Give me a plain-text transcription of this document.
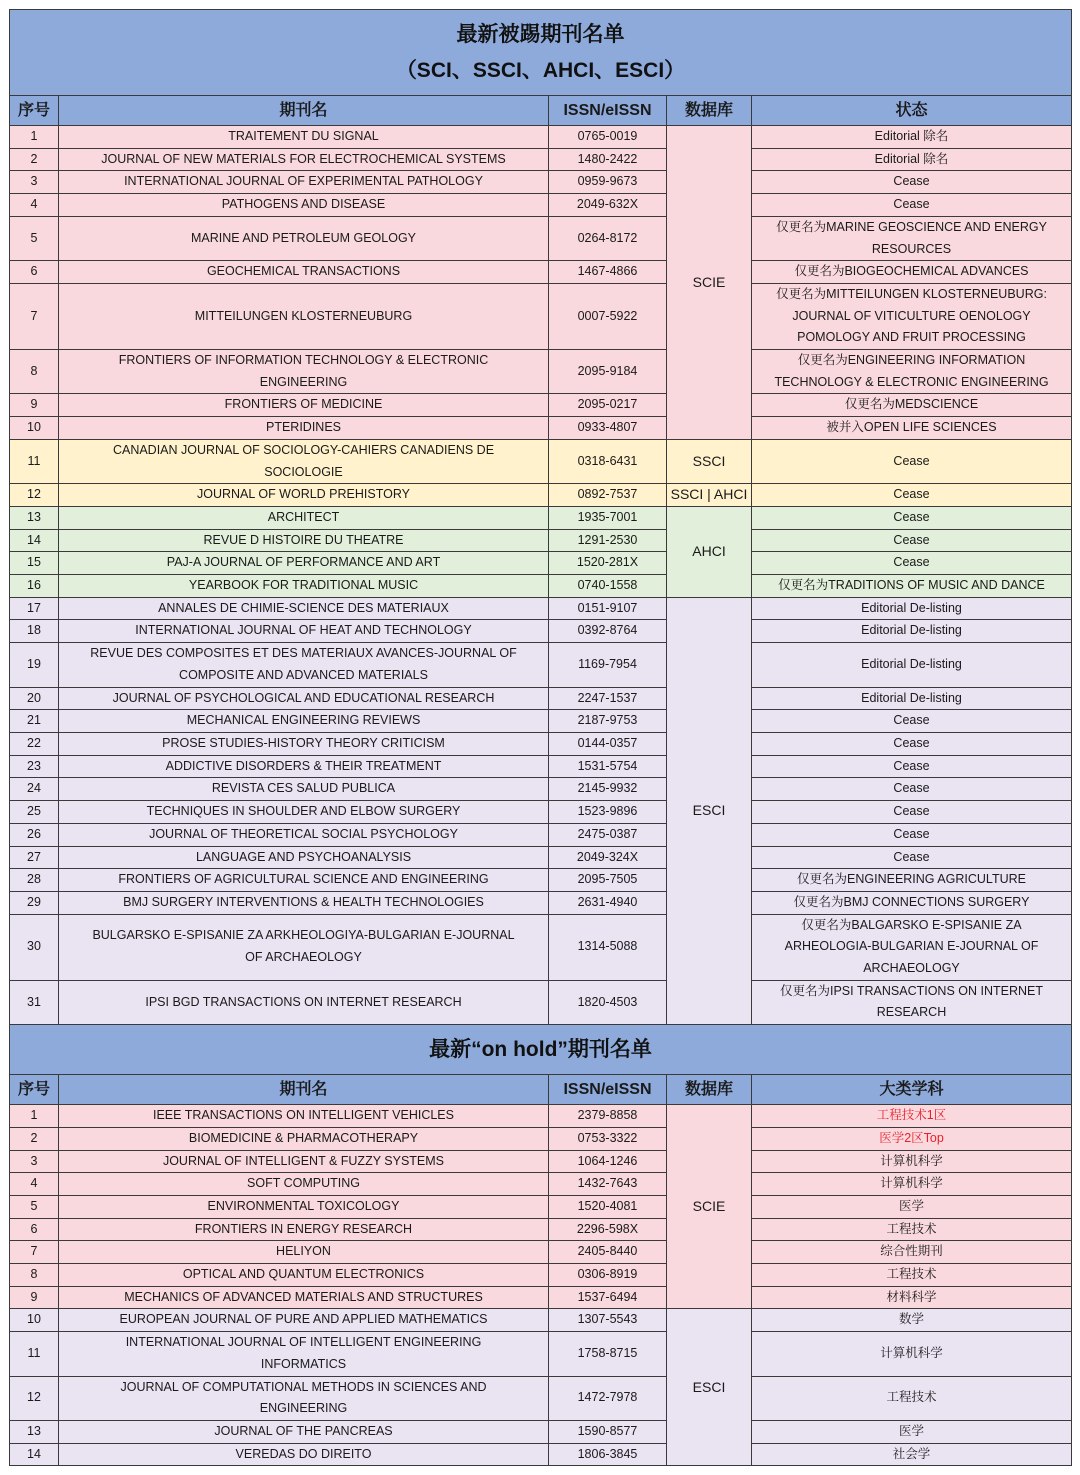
最新被踢期刊名单
（SCI、SSCI、AHCI、ESCI）				
序号	期刊名	ISSN/eISSN	数据库	状态
1	TRAITEMENT DU SIGNAL	0765-0019	SCIE	Editorial 除名
2	JOURNAL OF NEW MATERIALS FOR ELECTROCHEMICAL SYSTEMS	1480-2422		Editorial 除名
3	INTERNATIONAL JOURNAL OF EXPERIMENTAL PATHOLOGY	0959-9673		Cease
4	PATHOGENS AND DISEASE	2049-632X		Cease
5	MARINE AND PETROLEUM GEOLOGY	0264-8172		仅更名为MARINE GEOSCIENCE AND ENERGY
RESOURCES
6	GEOCHEMICAL TRANSACTIONS	1467-4866		仅更名为BIOGEOCHEMICAL ADVANCES
7	MITTEILUNGEN KLOSTERNEUBURG	0007-5922		仅更名为MITTEILUNGEN KLOSTERNEUBURG:
JOURNAL OF VITICULTURE OENOLOGY
POMOLOGY AND FRUIT PROCESSING
8	FRONTIERS OF INFORMATION TECHNOLOGY & ELECTRONIC
ENGINEERING	2095-9184		仅更名为ENGINEERING INFORMATION
TECHNOLOGY & ELECTRONIC ENGINEERING
9	FRONTIERS OF MEDICINE	2095-0217		仅更名为MEDSCIENCE
10	PTERIDINES	0933-4807		被并入OPEN LIFE SCIENCES
11	CANADIAN JOURNAL OF SOCIOLOGY-CAHIERS CANADIENS DE
SOCIOLOGIE	0318-6431	SSCI	Cease
12	JOURNAL OF WORLD PREHISTORY	0892-7537	SSCI | AHCI	Cease
13	ARCHITECT	1935-7001	AHCI	Cease
14	REVUE D HISTOIRE DU THEATRE	1291-2530		Cease
15	PAJ-A JOURNAL OF PERFORMANCE AND ART	1520-281X		Cease
16	YEARBOOK FOR TRADITIONAL MUSIC	0740-1558		仅更名为TRADITIONS OF MUSIC AND DANCE
17	ANNALES DE CHIMIE-SCIENCE DES MATERIAUX	0151-9107	ESCI	Editorial De-listing
18	INTERNATIONAL JOURNAL OF HEAT AND TECHNOLOGY	0392-8764		Editorial De-listing
19	REVUE DES COMPOSITES ET DES MATERIAUX AVANCES-JOURNAL OF
COMPOSITE AND ADVANCED MATERIALS	1169-7954		Editorial De-listing
20	JOURNAL OF PSYCHOLOGICAL AND EDUCATIONAL RESEARCH	2247-1537		Editorial De-listing
21	MECHANICAL ENGINEERING REVIEWS	2187-9753		Cease
22	PROSE STUDIES-HISTORY THEORY CRITICISM	0144-0357		Cease
23	ADDICTIVE DISORDERS & THEIR TREATMENT	1531-5754		Cease
24	REVISTA CES SALUD PUBLICA	2145-9932		Cease
25	TECHNIQUES IN SHOULDER AND ELBOW SURGERY	1523-9896		Cease
26	JOURNAL OF THEORETICAL SOCIAL PSYCHOLOGY	2475-0387		Cease
27	LANGUAGE AND PSYCHOANALYSIS	2049-324X		Cease
28	FRONTIERS OF AGRICULTURAL SCIENCE AND ENGINEERING	2095-7505		仅更名为ENGINEERING AGRICULTURE
29	BMJ SURGERY INTERVENTIONS & HEALTH TECHNOLOGIES	2631-4940		仅更名为BMJ CONNECTIONS SURGERY
30	BULGARSKO E-SPISANIE ZA ARKHEOLOGIYA-BULGARIAN E-JOURNAL
OF ARCHAEOLOGY	1314-5088		仅更名为BALGARSKO E-SPISANIE ZA
ARHEOLOGIA-BULGARIAN E-JOURNAL OF
ARCHAEOLOGY
31	IPSI BGD TRANSACTIONS ON INTERNET RESEARCH	1820-4503		仅更名为IPSI TRANSACTIONS ON INTERNET
RESEARCH
最新“on hold”期刊名单				
序号	期刊名	ISSN/eISSN	数据库	大类学科
1	IEEE TRANSACTIONS ON INTELLIGENT VEHICLES	2379-8858	SCIE	工程技术1区
2	BIOMEDICINE & PHARMACOTHERAPY	0753-3322		医学2区Top
3	JOURNAL OF INTELLIGENT & FUZZY SYSTEMS	1064-1246		计算机科学
4	SOFT COMPUTING	1432-7643		计算机科学
5	ENVIRONMENTAL TOXICOLOGY	1520-4081		医学
6	FRONTIERS IN ENERGY RESEARCH	2296-598X		工程技术
7	HELIYON	2405-8440		综合性期刊
8	OPTICAL AND QUANTUM ELECTRONICS	0306-8919		工程技术
9	MECHANICS OF ADVANCED MATERIALS AND STRUCTURES	1537-6494		材料科学
10	EUROPEAN JOURNAL OF PURE AND APPLIED MATHEMATICS	1307-5543	ESCI	数学
11	INTERNATIONAL JOURNAL OF INTELLIGENT ENGINEERING
INFORMATICS	1758-8715		计算机科学
12	JOURNAL OF COMPUTATIONAL METHODS IN SCIENCES AND
ENGINEERING	1472-7978		工程技术
13	JOURNAL OF THE PANCREAS	1590-8577		医学
14	VEREDAS DO DIREITO	1806-3845		社会学
